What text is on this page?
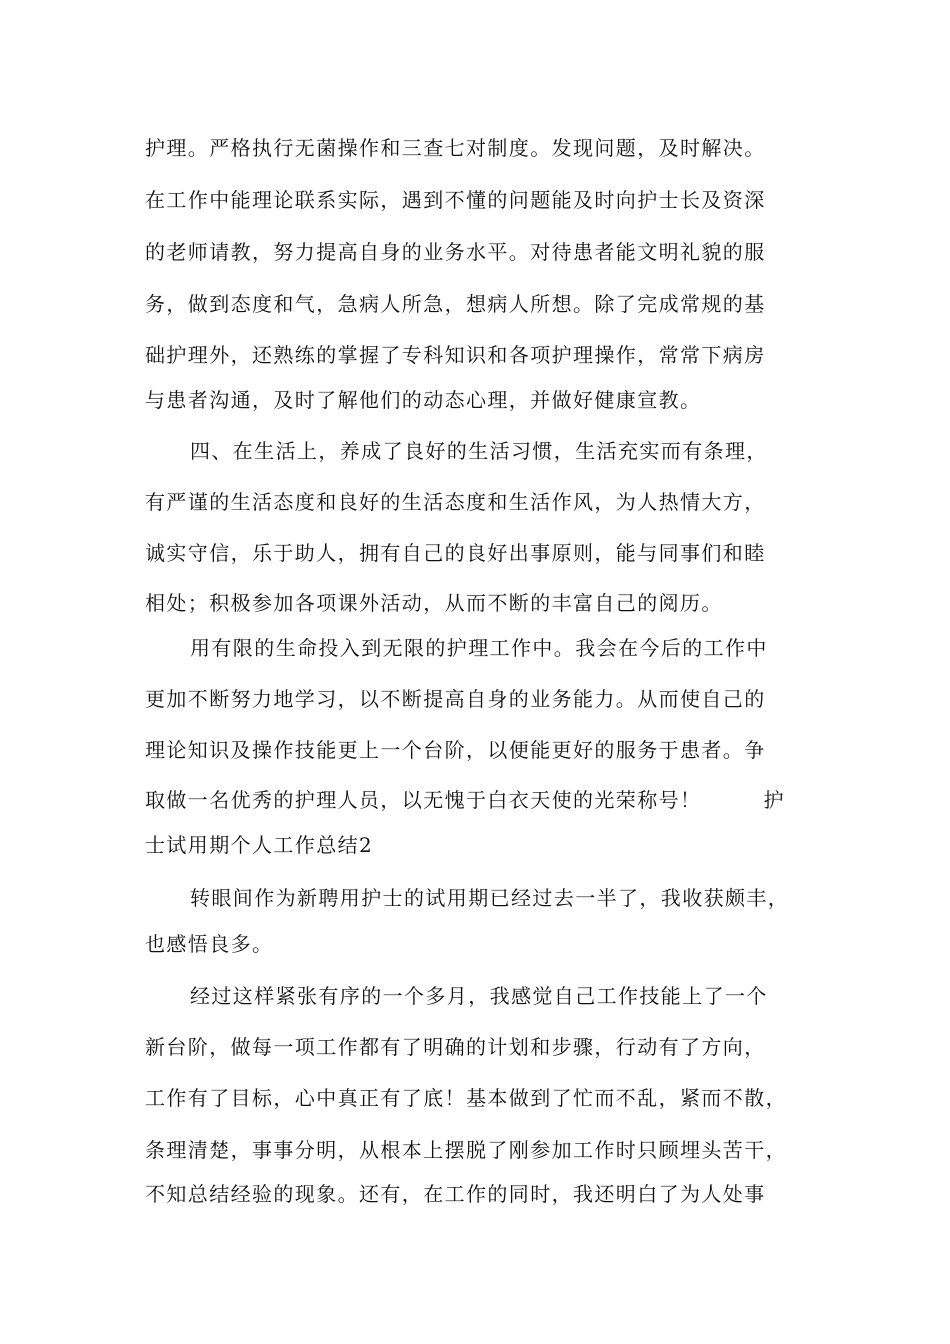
护理。严格执行无菌操作和三查七对制度。发现问题，及时解决。
在工作中能理论联系实际，遇到不懂的问题能及时向护士长及资深
的老师请教，努力提高自身的业务水平。对待患者能文明礼貌的服
务，做到态度和气，急病人所急，想病人所想。除了完成常规的基
础护理外，还熟练的掌握了专科知识和各项护理操作，常常下病房
与患者沟通，及时了解他们的动态心理，并做好健康宣教。
四、在生活上，养成了良好的生活习惯，生活充实而有条理，
有严谨的生活态度和良好的生活态度和生活作风，为人热情大方，
诚实守信，乐于助人，拥有自己的良好出事原则，能与同事们和睦
相处；积极参加各项课外活动，从而不断的丰富自己的阅历。
用有限的生命投入到无限的护理工作中。我会在今后的工作中
更加不断努力地学习，以不断提高自身的业务能力。从而使自己的
理论知识及操作技能更上一个台阶，以便能更好的服务于患者。争
取做一名优秀的护理人员，以无愧于白衣天使的光荣称号！        护
士试用期个人工作总结2
转眼间作为新聘用护士的试用期已经过去一半了，我收获颇丰，
也感悟良多。
经过这样紧张有序的一个多月，我感觉自己工作技能上了一个
新台阶，做每一项工作都有了明确的计划和步骤，行动有了方向，
工作有了目标，心中真正有了底！基本做到了忙而不乱，紧而不散，
条理清楚，事事分明，从根本上摆脱了刚参加工作时只顾埋头苦干，
不知总结经验的现象。还有，在工作的同时，我还明白了为人处事
